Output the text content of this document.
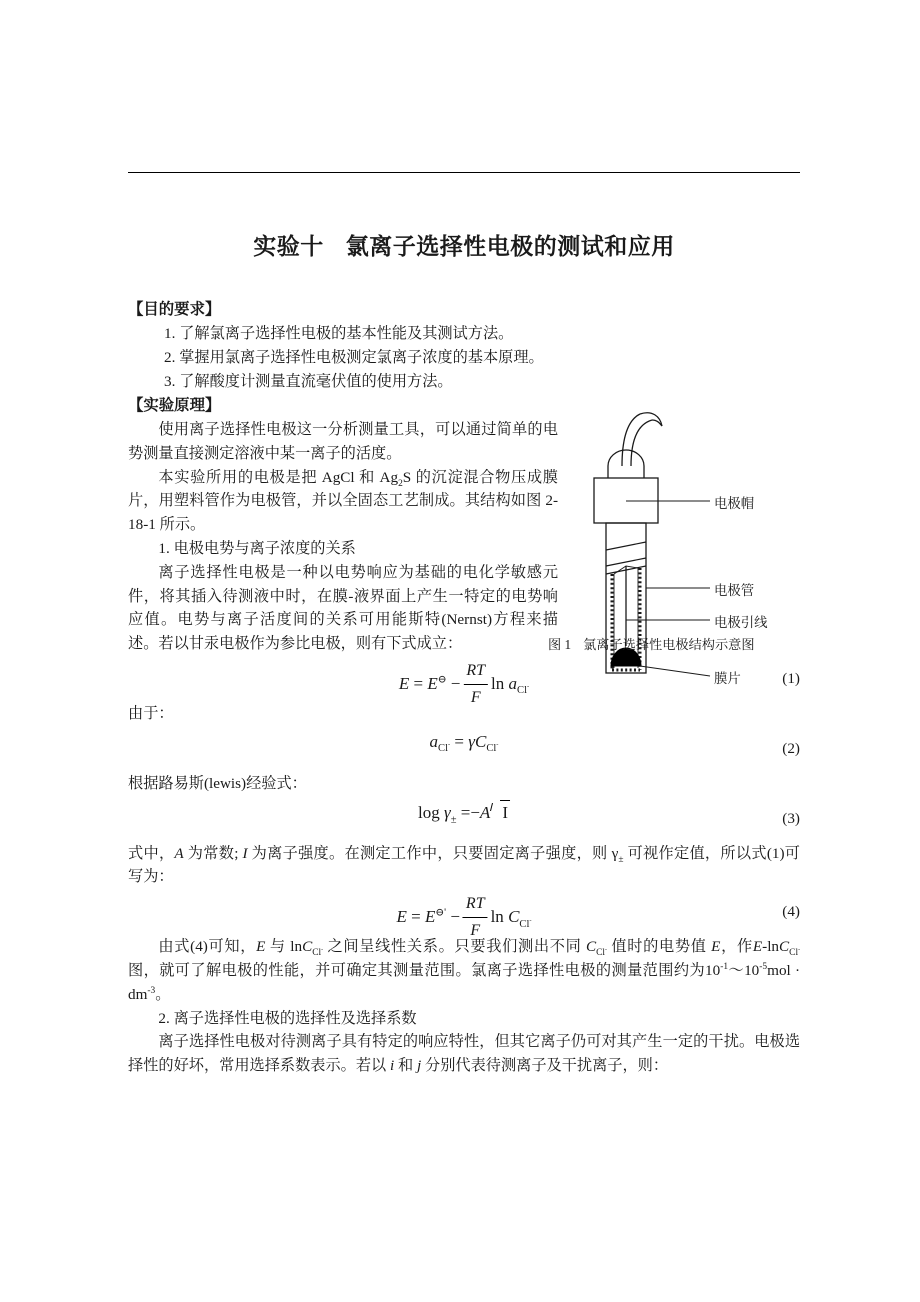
实验十 氯离子选择性电极的测试和应用
【目的要求】
1. 了解氯离子选择性电极的基本性能及其测试方法。
2. 掌握用氯离子选择性电极测定氯离子浓度的基本原理。
3. 了解酸度计测量直流毫伏值的使用方法。
【实验原理】

使用离子选择性电极这一分析测量工具，可以通过简单的电势测量直接测定溶液中某一离子的活度。

本实验所用的电极是把 AgCl 和 $Ag_2S$ 的沉淀混合物压成膜片，用塑料管作为电极管，并以全固态工艺制成。其结构如图 2-18-1 所示。

1. 电极电势与离子浓度的关系

离子选择性电极是一种以电势响应为基础的电化学敏感元件，将其插入待测液中时，在膜-液界面上产生一特定的电势响应值。电势与离子活度间的关系可用能斯特(Nernst)方程来描述。若以甘汞电极作为参比电极，则有下式成立：

$E = E^⊖ - \frac{RT}{F}$ $\ln a_{Cl^-}$
(1)

由于：

$a_{Cl^-} = \gamma C_{Cl^-}$	(2)

根据路易斯(lewis)经验式：

$\log \gamma_\pm =-A$ I	(3)

式中，A 为常数; I 为离子强度。在测定工作中，只要固定离子强度，则 $\gamma_\pm$ 可视作定值，所以式(1)可写为：

$E = E^{⊖'} - \frac{RT}{F}$ $\ln C_{Cl^-}$
(4)

由式(4)可知，E 与 lnC$_{Cl^-}$ 之间呈线性关系。只要我们测出不同 $C_{Cl^-}$ 值时的电势值 E，作E-lnC$_{Cl^-}$ 图，就可了解电极的性能，并可确定其测量范围。氯离子选择性电极的测量范围约为$10^{-1}\sim 10^{-5}mol \cdot dm^{-3}$。

2. 离子选择性电极的选择性及选择系数

离子选择性电极对待测离子具有特定的响应特性，但其它离子仍可对其产生一定的干扰。电极选择性的好坏，常用选择系数表示。若以 i 和 j 分别代表待测离子及干扰离子，则：

电极帽
电极管
电极引线
膜片
图 1 氯离子选择性电极结构示意图
